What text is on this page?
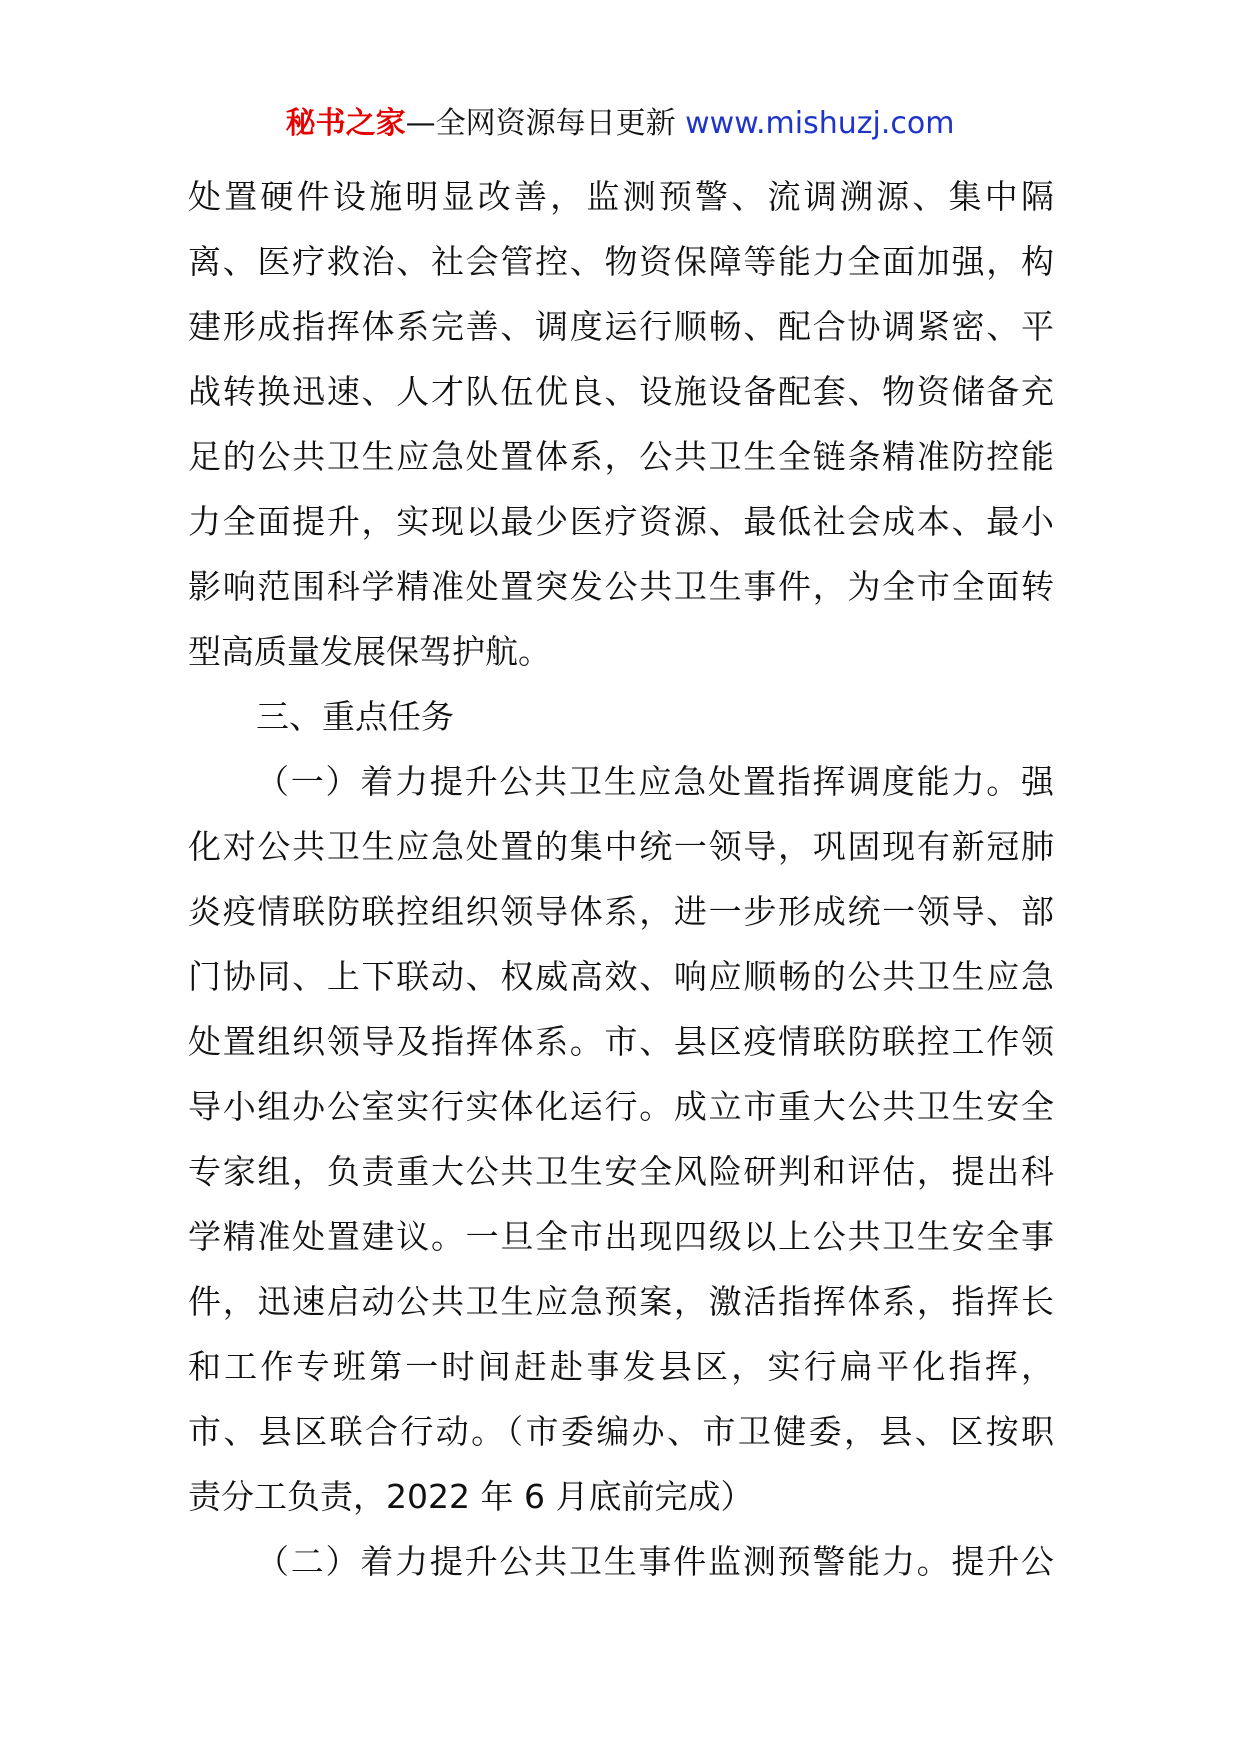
秘书之家—全网资源每日更新 www.mishuzj.com
处置硬件设施明显改善，监测预警、流调溯源、集中隔
离、医疗救治、社会管控、物资保障等能力全面加强，构
建形成指挥体系完善、调度运行顺畅、配合协调紧密、平
战转换迅速、人才队伍优良、设施设备配套、物资储备充
足的公共卫生应急处置体系，公共卫生全链条精准防控能
力全面提升，实现以最少医疗资源、最低社会成本、最小
影响范围科学精准处置突发公共卫生事件，为全市全面转
型高质量发展保驾护航。
三、重点任务
（一）着力提升公共卫生应急处置指挥调度能力。强
化对公共卫生应急处置的集中统一领导，巩固现有新冠肺
炎疫情联防联控组织领导体系，进一步形成统一领导、部
门协同、上下联动、权威高效、响应顺畅的公共卫生应急
处置组织领导及指挥体系。市、县区疫情联防联控工作领
导小组办公室实行实体化运行。成立市重大公共卫生安全
专家组，负责重大公共卫生安全风险研判和评估，提出科
学精准处置建议。一旦全市出现四级以上公共卫生安全事
件，迅速启动公共卫生应急预案，激活指挥体系，指挥长
和工作专班第一时间赶赴事发县区，实行扁平化指挥，
市、县区联合行动。（市委编办、市卫健委，县、区按职
责分工负责，2022 年 6 月底前完成）
（二）着力提升公共卫生事件监测预警能力。提升公
